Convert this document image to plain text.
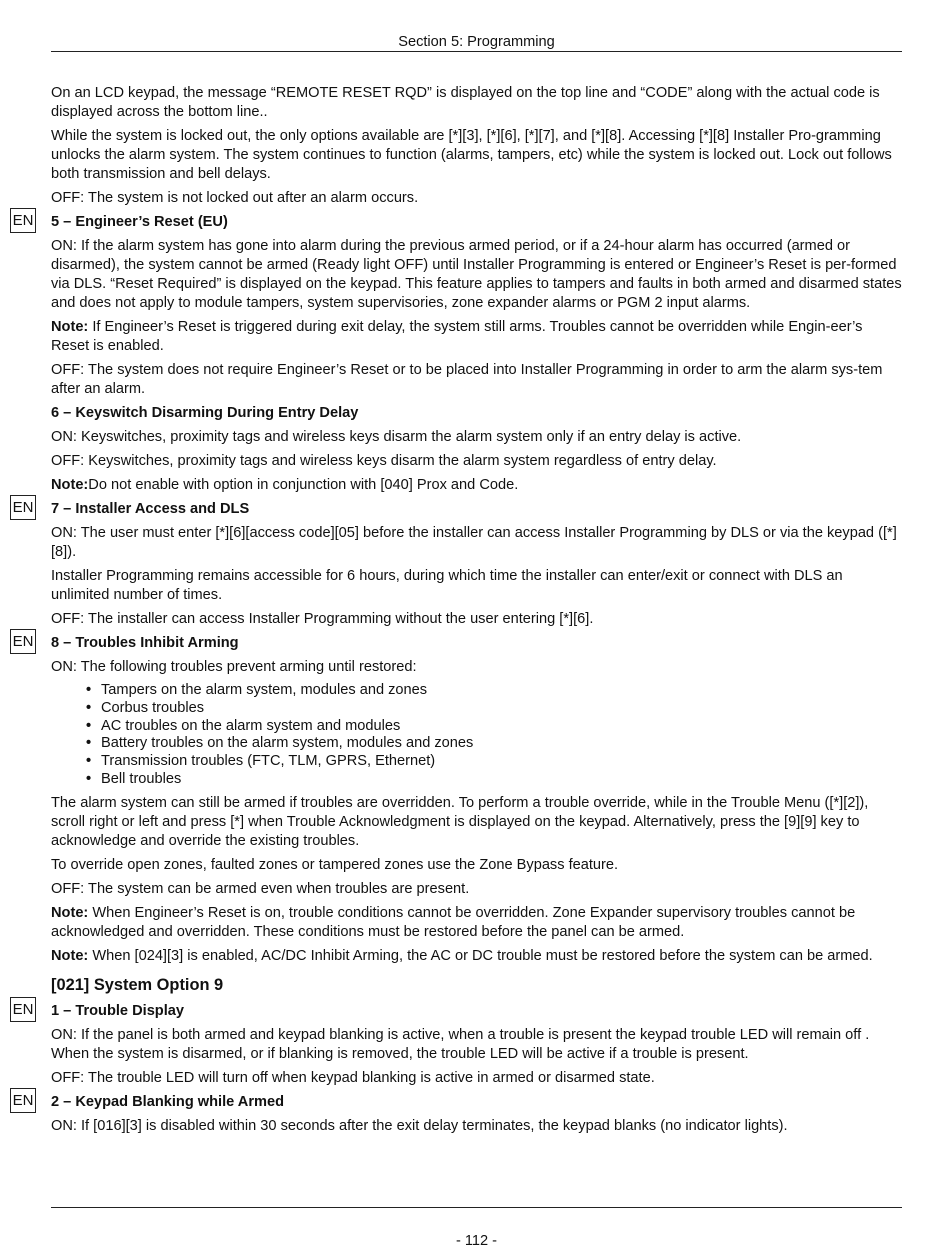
Section 5: Programming

On an LCD keypad, the message “REMOTE RESET RQD” is displayed on the top line and “CODE” along with the actual code is displayed across the bottom line..

While the system is locked out, the only options available are [*][3], [*][6], [*][7], and [*][8]. Accessing [*][8] Installer Pro-gramming unlocks the alarm system. The system continues to function (alarms, tampers, etc) while the system is locked out. Lock out follows both transmission and bell delays.

OFF: The system is not locked out after an alarm occurs.

EN 5 – Engineer’s Reset (EU)

ON: If the alarm system has gone into alarm during the previous armed period, or if a 24-hour alarm has occurred (armed or disarmed), the system cannot be armed (Ready light OFF) until Installer Programming is entered or Engineer’s Reset is per-formed via DLS. “Reset Required” is displayed on the keypad. This feature applies to tampers and faults in both armed and disarmed states and does not apply to module tampers, system supervisories, zone expander alarms or PGM 2 input alarms.

Note: If Engineer’s Reset is triggered during exit delay, the system still arms. Troubles cannot be overridden while Engin-eer’s Reset is enabled.

OFF: The system does not require Engineer’s Reset or to be placed into Installer Programming in order to arm the alarm sys-tem after an alarm.

6 – Keyswitch Disarming During Entry Delay

ON: Keyswitches, proximity tags and wireless keys disarm the alarm system only if an entry delay is active.

OFF: Keyswitches, proximity tags and wireless keys disarm the alarm system regardless of entry delay.

Note:Do not enable with option in conjunction with [040] Prox and Code.

EN 7 – Installer Access and DLS

ON: The user must enter [*][6][access code][05] before the installer can access Installer Programming by DLS or via the keypad ([*][8]).

Installer Programming remains accessible for 6 hours, during which time the installer can enter/exit or connect with DLS an unlimited number of times.

OFF: The installer can access Installer Programming without the user entering [*][6].

EN 8 – Troubles Inhibit Arming

ON: The following troubles prevent arming until restored:

• Tampers on the alarm system, modules and zones
• Corbus troubles
• AC troubles on the alarm system and modules
• Battery troubles on the alarm system, modules and zones
• Transmission troubles (FTC, TLM, GPRS, Ethernet)
• Bell troubles

The alarm system can still be armed if troubles are overridden. To perform a trouble override, while in the Trouble Menu ([*][2]), scroll right or left and press [*] when Trouble Acknowledgment is displayed on the keypad. Alternatively, press the [9][9] key to acknowledge and override the existing troubles.

To override open zones, faulted zones or tampered zones use the Zone Bypass feature.

OFF: The system can be armed even when troubles are present.

Note: When Engineer’s Reset is on, trouble conditions cannot be overridden. Zone Expander supervisory troubles cannot be acknowledged and overridden. These conditions must be restored before the panel can be armed.

Note: When [024][3] is enabled, AC/DC Inhibit Arming, the AC or DC trouble must be restored before the system can be armed.

[021] System Option 9
EN 1 – Trouble Display

ON: If the panel is both armed and keypad blanking is active, when a trouble is present the keypad trouble LED will remain off . When the system is disarmed, or if blanking is removed, the trouble LED will be active if a trouble is present.

OFF: The trouble LED will turn off when keypad blanking is active in armed or disarmed state.

EN 2 – Keypad Blanking while Armed

ON: If [016][3] is disabled within 30 seconds after the exit delay terminates, the keypad blanks (no indicator lights).

- 112 -
